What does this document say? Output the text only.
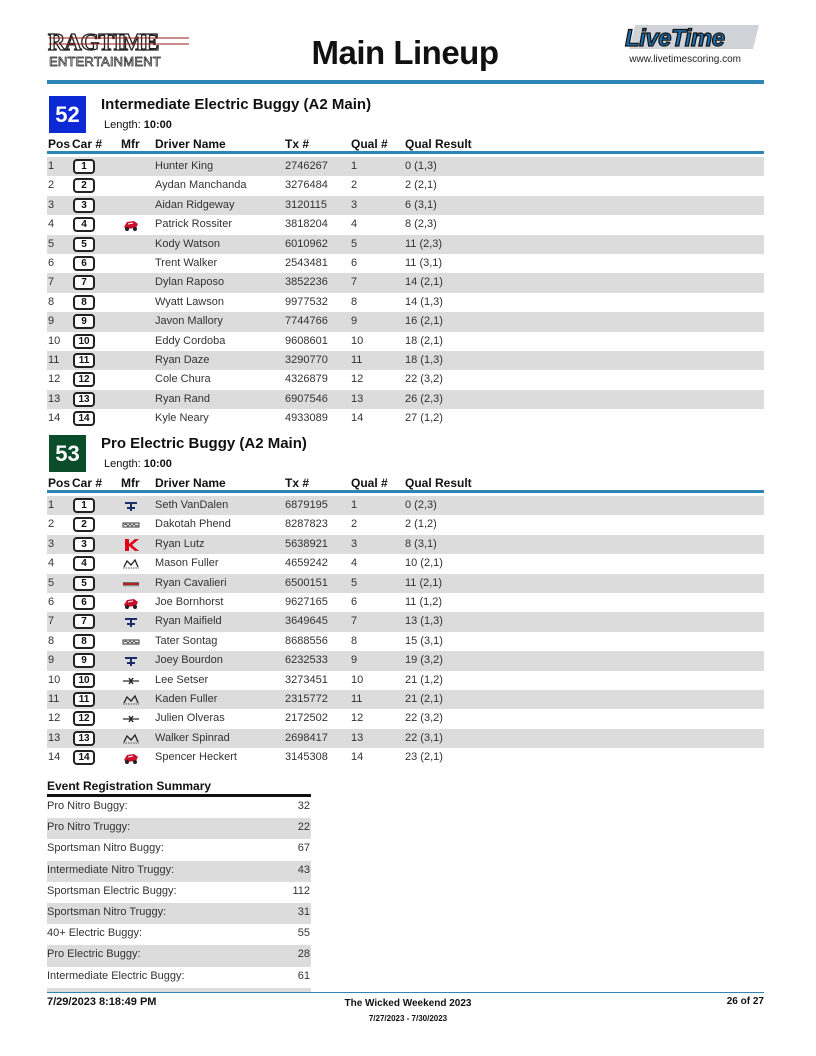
RAGTIME
ENTERTAINMENT	Main Lineup	LiveTime
www.livetimescoring.com
52	Intermediate Electric Buggy (A2 Main)
Length: 10:00
Pos Car # Mfr Driver Name	Tx #	Qual # Qual Result
1	1	Hunter King	2746267 1	0 (1,3)
2	2	Aydan Manchanda	3276484 2	2 (2,1)
3	3	Aidan Ridgeway	3120115 3	6 (3,1)
4	4	Patrick Rossiter	3818204 4	8 (2,3)
5	5	Kody Watson	6010962 5	11 (2,3)
6	6	Trent Walker	2543481 6	11 (3,1)
7	7	Dylan Raposo	3852236 7	14 (2,1)
8	8	Wyatt Lawson	9977532 8	14 (1,3)
9	9	Javon Mallory	7744766 9	16 (2,1)
10 10	Eddy Cordoba	9608601 10	18 (2,1)
11 11	Ryan Daze	3290770 11	18 (1,3)
12 12	Cole Chura	4326879 12	22 (3,2)
13 13	Ryan Rand	6907546 13	26 (2,3)
14 14	Kyle Neary	4933089 14	27 (1,2)
53	Pro Electric Buggy (A2 Main)
Length: 10:00
Pos Car # Mfr Driver Name	Tx #	Qual # Qual Result
1	1	Seth VanDalen	6879195 1	0 (2,3)
2	2	Dakotah Phend	8287823 2	2 (1,2)
3	3	Ryan Lutz	5638921 3	8 (3,1)
4	4	Mason Fuller	4659242 4	10 (2,1)
5	5	Ryan Cavalieri	6500151 5	11 (2,1)
6	6	Joe Bornhorst	9627165 6	11 (1,2)
7	7	Ryan Maifield	3649645 7	13 (1,3)
8	8	Tater Sontag	8688556 8	15 (3,1)
9	9	Joey Bourdon	6232533 9	19 (3,2)
10 10	Lee Setser	3273451 10	21 (1,2)
11 11	Kaden Fuller	2315772 11	21 (2,1)
12 12	Julien Olveras	2172502 12	22 (3,2)
13 13	Walker Spinrad	2698417 13	22 (3,1)
14 14	Spencer Heckert	3145308 14	23 (2,1)
Event Registration Summary
Pro Nitro Buggy:	32
Pro Nitro Truggy:	22
Sportsman Nitro Buggy:	67
Intermediate Nitro Truggy:	43
Sportsman Electric Buggy:	112
Sportsman Nitro Truggy:	31
40+ Electric Buggy:	55
Pro Electric Buggy:	28
Intermediate Electric Buggy:	61
7/29/2023 8:18:49 PM	The Wicked Weekend 2023
7/27/2023 - 7/30/2023
26 of 27
